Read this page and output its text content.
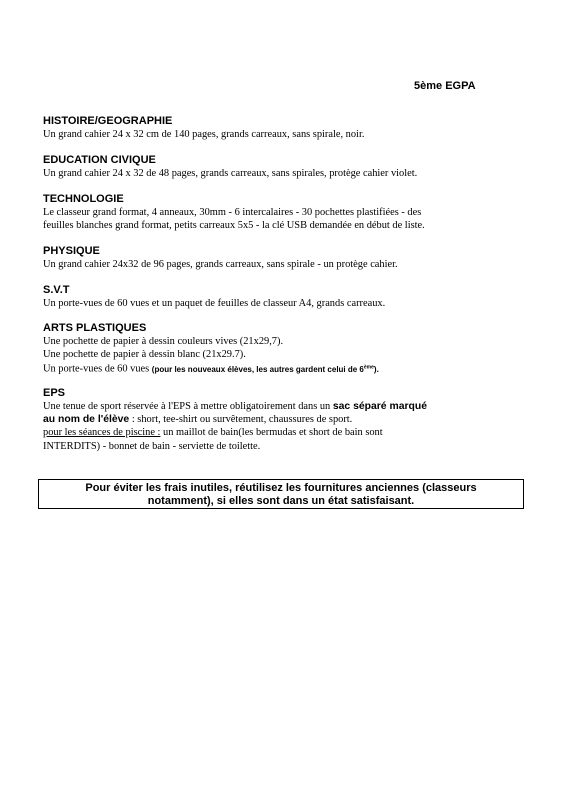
5ème EGPA
HISTOIRE/GEOGRAPHIE
Un grand cahier 24 x 32 cm de 140 pages, grands carreaux, sans spirale, noir.
EDUCATION CIVIQUE
Un grand cahier 24 x 32 de 48 pages, grands carreaux, sans spirales, protège cahier violet.
TECHNOLOGIE
Le classeur grand format, 4 anneaux, 30mm - 6 intercalaires - 30 pochettes plastifiées - des
feuilles blanches grand format, petits carreaux 5x5 - la clé USB demandée en début de liste.
PHYSIQUE
Un grand cahier 24x32 de 96 pages, grands carreaux, sans spirale - un protège cahier.
S.V.T
Un porte-vues de 60 vues et un paquet de feuilles de classeur A4, grands carreaux.
ARTS PLASTIQUES
Une pochette de papier à dessin couleurs vives (21x29,7).
Une pochette de papier à dessin blanc (21x29.7).
Un porte-vues de 60 vues (pour les nouveaux élèves, les autres gardent celui de 6ème).
EPS
Une tenue de sport réservée à l'EPS à mettre obligatoirement dans un sac séparé marqué
au nom de l'élève : short, tee-shirt ou survêtement, chaussures de sport.
pour les séances de piscine : un maillot de bain(les bermudas et short de bain sont
INTERDITS) - bonnet de bain - serviette de toilette.
Pour éviter les frais inutiles, réutilisez les fournitures anciennes (classeurs
notamment), si elles sont dans un état satisfaisant.
